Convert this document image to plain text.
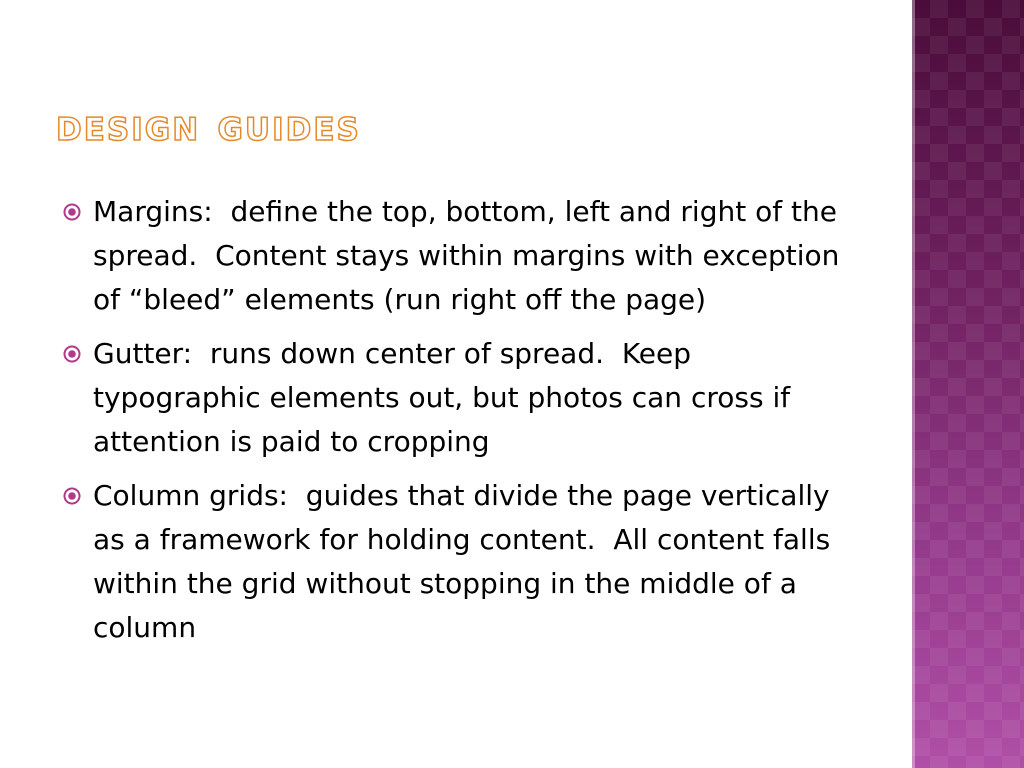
design guides
Margins:  define the top, bottom, left and right of the spread.  Content stays within margins with exception of “bleed” elements (run right off the page)
Gutter:  runs down center of spread.  Keep typographic elements out, but photos can cross if attention is paid to cropping
Column grids:  guides that divide the page vertically as a framework for holding content.  All content falls within the grid without stopping in the middle of a column
